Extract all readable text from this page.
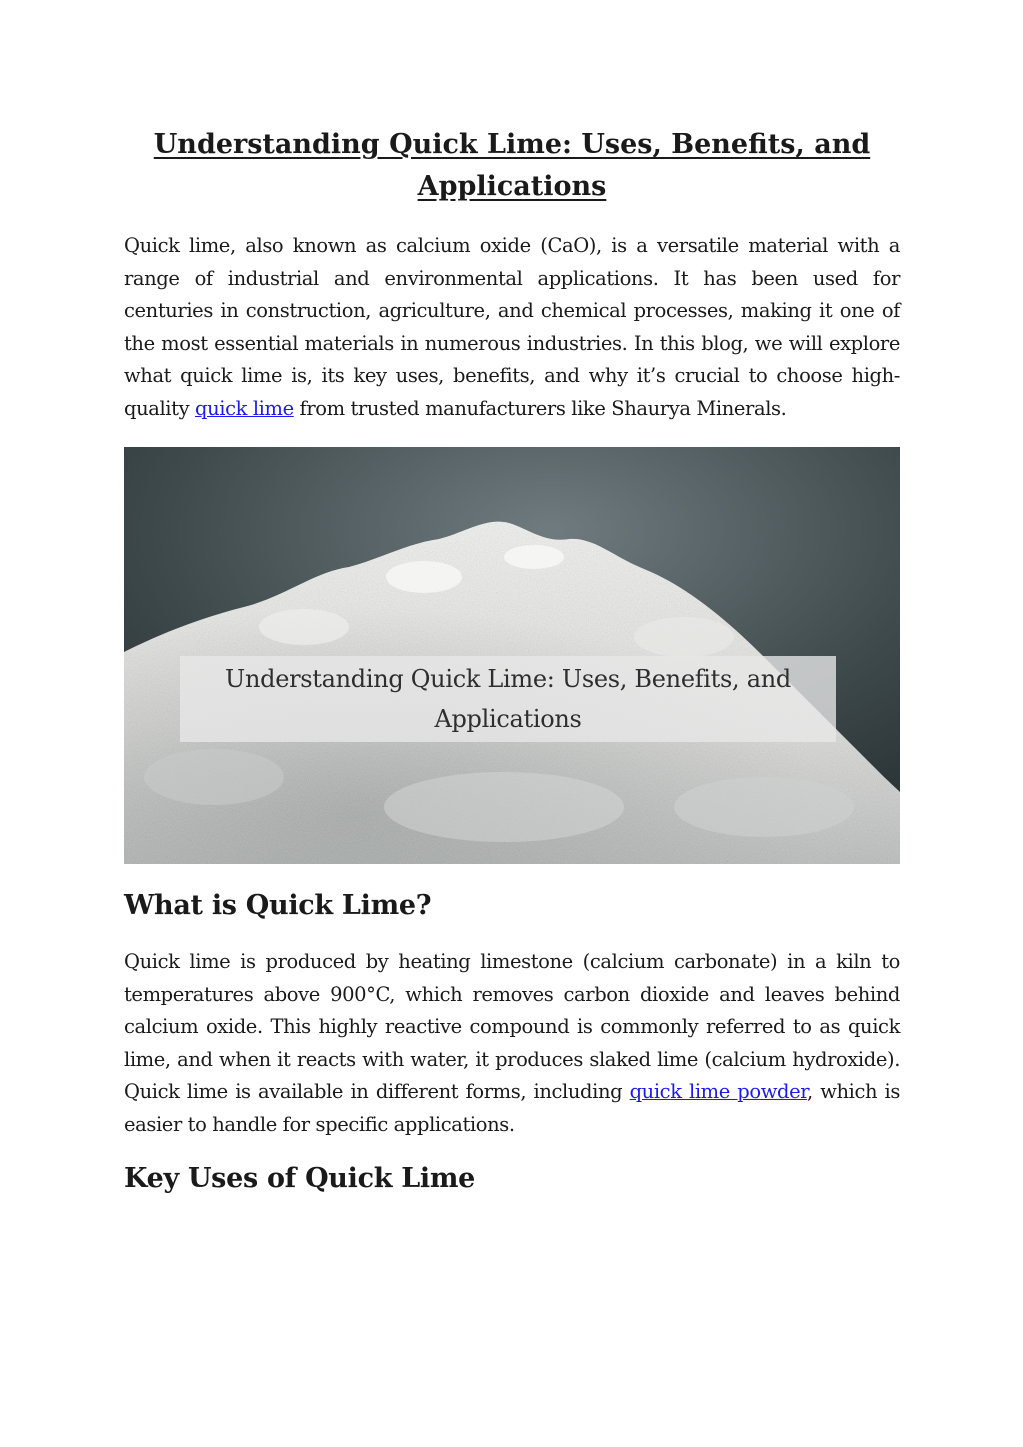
Understanding Quick Lime: Uses, Benefits, and Applications

Quick lime, also known as calcium oxide (CaO), is a versatile material with a range of industrial and environmental applications. It has been used for centuries in construction, agriculture, and chemical processes, making it one of the most essential materials in numerous industries. In this blog, we will explore what quick lime is, its key uses, benefits, and why it’s crucial to choose high-quality quick lime from trusted manufacturers like Shaurya Minerals.

Understanding Quick Lime: Uses, Benefits, and
Applications
What is Quick Lime?

Quick lime is produced by heating limestone (calcium carbonate) in a kiln to temperatures above 900°C, which removes carbon dioxide and leaves behind calcium oxide. This highly reactive compound is commonly referred to as quick lime, and when it reacts with water, it produces slaked lime (calcium hydroxide). Quick lime is available in different forms, including quick lime powder, which is easier to handle for specific applications.

Key Uses of Quick Lime
